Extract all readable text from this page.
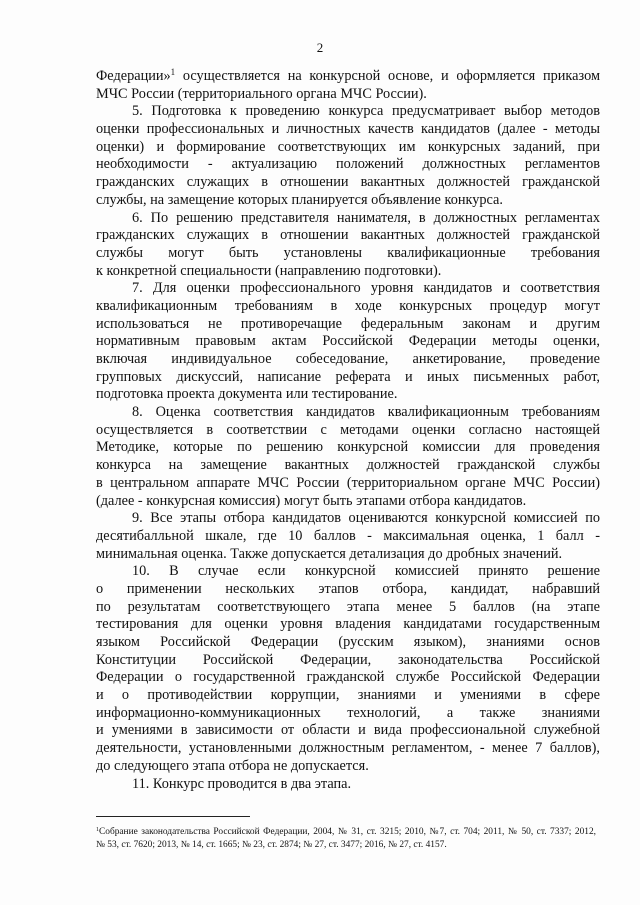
2
Федерации»$^1$ осуществляется на конкурсной основе, и оформляется приказом
МЧС России (территориального органа МЧС России).
5. Подготовка к проведению конкурса предусматривает выбор методов
оценки профессиональных и личностных качеств кандидатов (далее - методы
оценки) и формирование соответствующих им конкурсных заданий, при
необходимости - актуализацию положений должностных регламентов
гражданских служащих в отношении вакантных должностей гражданской
службы, на замещение которых планируется объявление конкурса.
6. По решению представителя нанимателя, в должностных регламентах
гражданских служащих в отношении вакантных должностей гражданской
службы могут быть установлены квалификационные требования
к конкретной специальности (направлению подготовки).
7. Для оценки профессионального уровня кандидатов и соответствия
квалификационным требованиям в ходе конкурсных процедур могут
использоваться не противоречащие федеральным законам и другим
нормативным правовым актам Российской Федерации методы оценки,
включая индивидуальное собеседование, анкетирование, проведение
групповых дискуссий, написание реферата и иных письменных работ,
подготовка проекта документа или тестирование.
8. Оценка соответствия кандидатов квалификационным требованиям
осуществляется в соответствии с методами оценки согласно настоящей
Методике, которые по решению конкурсной комиссии для проведения
конкурса на замещение вакантных должностей гражданской службы
в центральном аппарате МЧС России (территориальном органе МЧС России)
(далее - конкурсная комиссия) могут быть этапами отбора кандидатов.
9. Все этапы отбора кандидатов оцениваются конкурсной комиссией по
десятибалльной шкале, где 10 баллов - максимальная оценка, 1 балл -
минимальная оценка. Также допускается детализация до дробных значений.
10. В случае если конкурсной комиссией принято решение
о применении нескольких этапов отбора, кандидат, набравший
по результатам соответствующего этапа менее 5 баллов (на этапе
тестирования для оценки уровня владения кандидатами государственным
языком Российской Федерации (русским языком), знаниями основ
Конституции Российской Федерации, законодательства Российской
Федерации о государственной гражданской службе Российской Федерации
и о противодействии коррупции, знаниями и умениями в сфере
информационно-коммуникационных технологий, а также знаниями
и умениями в зависимости от области и вида профессиональной служебной
деятельности, установленными должностным регламентом, - менее 7 баллов),
до следующего этапа отбора не допускается.
11. Конкурс проводится в два этапа.
$^1$Собрание законодательства Российской Федерации, 2004, № 31, ст. 3215; 2010, №7, ст. 704; 2011, № 50, ст. 7337; 2012,
№ 53, ст. 7620; 2013, № 14, ст. 1665; № 23, ст. 2874; № 27, ст. 3477; 2016, № 27, ст. 4157.
